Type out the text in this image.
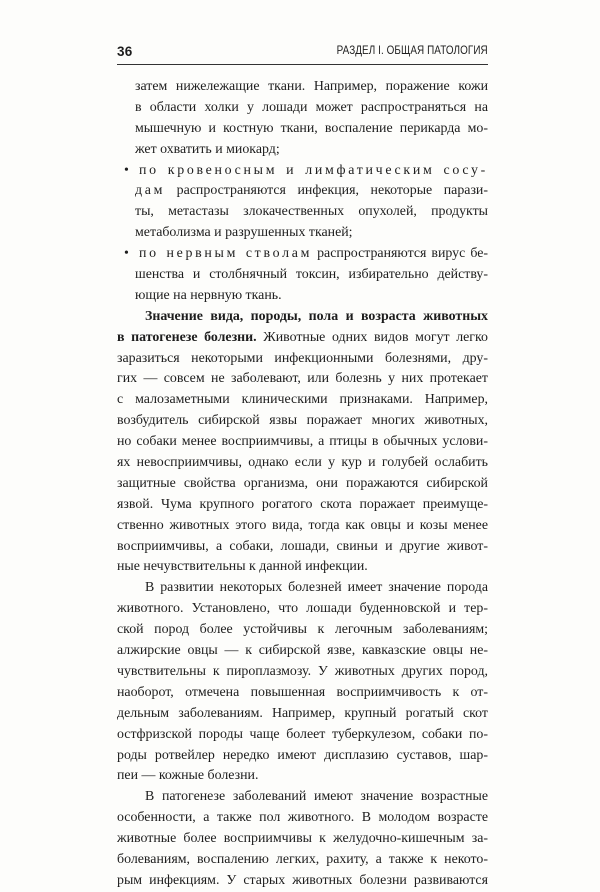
36	РАЗДЕЛ I. ОБЩАЯ ПАТОЛОГИЯ
затем нижележащие ткани. Например, поражение кожи
в области холки у лошади может распространяться на
мышечную и костную ткани, воспаление перикарда мо-
жет охватить и миокард;
• по кровеносным и лимфатическим сосу-
дам распространяются инфекция, некоторые парази-
ты, метастазы злокачественных опухолей, продукты
метаболизма и разрушенных тканей;
• по нервным стволам распространяются вирус бе-
шенства и столбнячный токсин, избирательно действу-
ющие на нервную ткань.
Значение вида, породы, пола и возраста животных
в патогенезе болезни. Животные одних видов могут легко
заразиться некоторыми инфекционными болезнями, дру-
гих — совсем не заболевают, или болезнь у них протекает
с малозаметными клиническими признаками. Например,
возбудитель сибирской язвы поражает многих животных,
но собаки менее восприимчивы, а птицы в обычных услови-
ях невосприимчивы, однако если у кур и голубей ослабить
защитные свойства организма, они поражаются сибирской
язвой. Чума крупного рогатого скота поражает преимуще-
ственно животных этого вида, тогда как овцы и козы менее
восприимчивы, а собаки, лошади, свиньи и другие живот-
ные нечувствительны к данной инфекции.
В развитии некоторых болезней имеет значение порода
животного. Установлено, что лошади буденновской и тер-
ской пород более устойчивы к легочным заболеваниям;
алжирские овцы — к сибирской язве, кавказские овцы не-
чувствительны к пироплазмозу. У животных других пород,
наоборот, отмечена повышенная восприимчивость к от-
дельным заболеваниям. Например, крупный рогатый скот
остфризской породы чаще болеет туберкулезом, собаки по-
роды ротвейлер нередко имеют дисплазию суставов, шар-
пеи — кожные болезни.
В патогенезе заболеваний имеют значение возрастные
особенности, а также пол животного. В молодом возрасте
животные более восприимчивы к желудочно-кишечным за-
болеваниям, воспалению легких, рахиту, а также к некото-
рым инфекциям. У старых животных болезни развиваются
